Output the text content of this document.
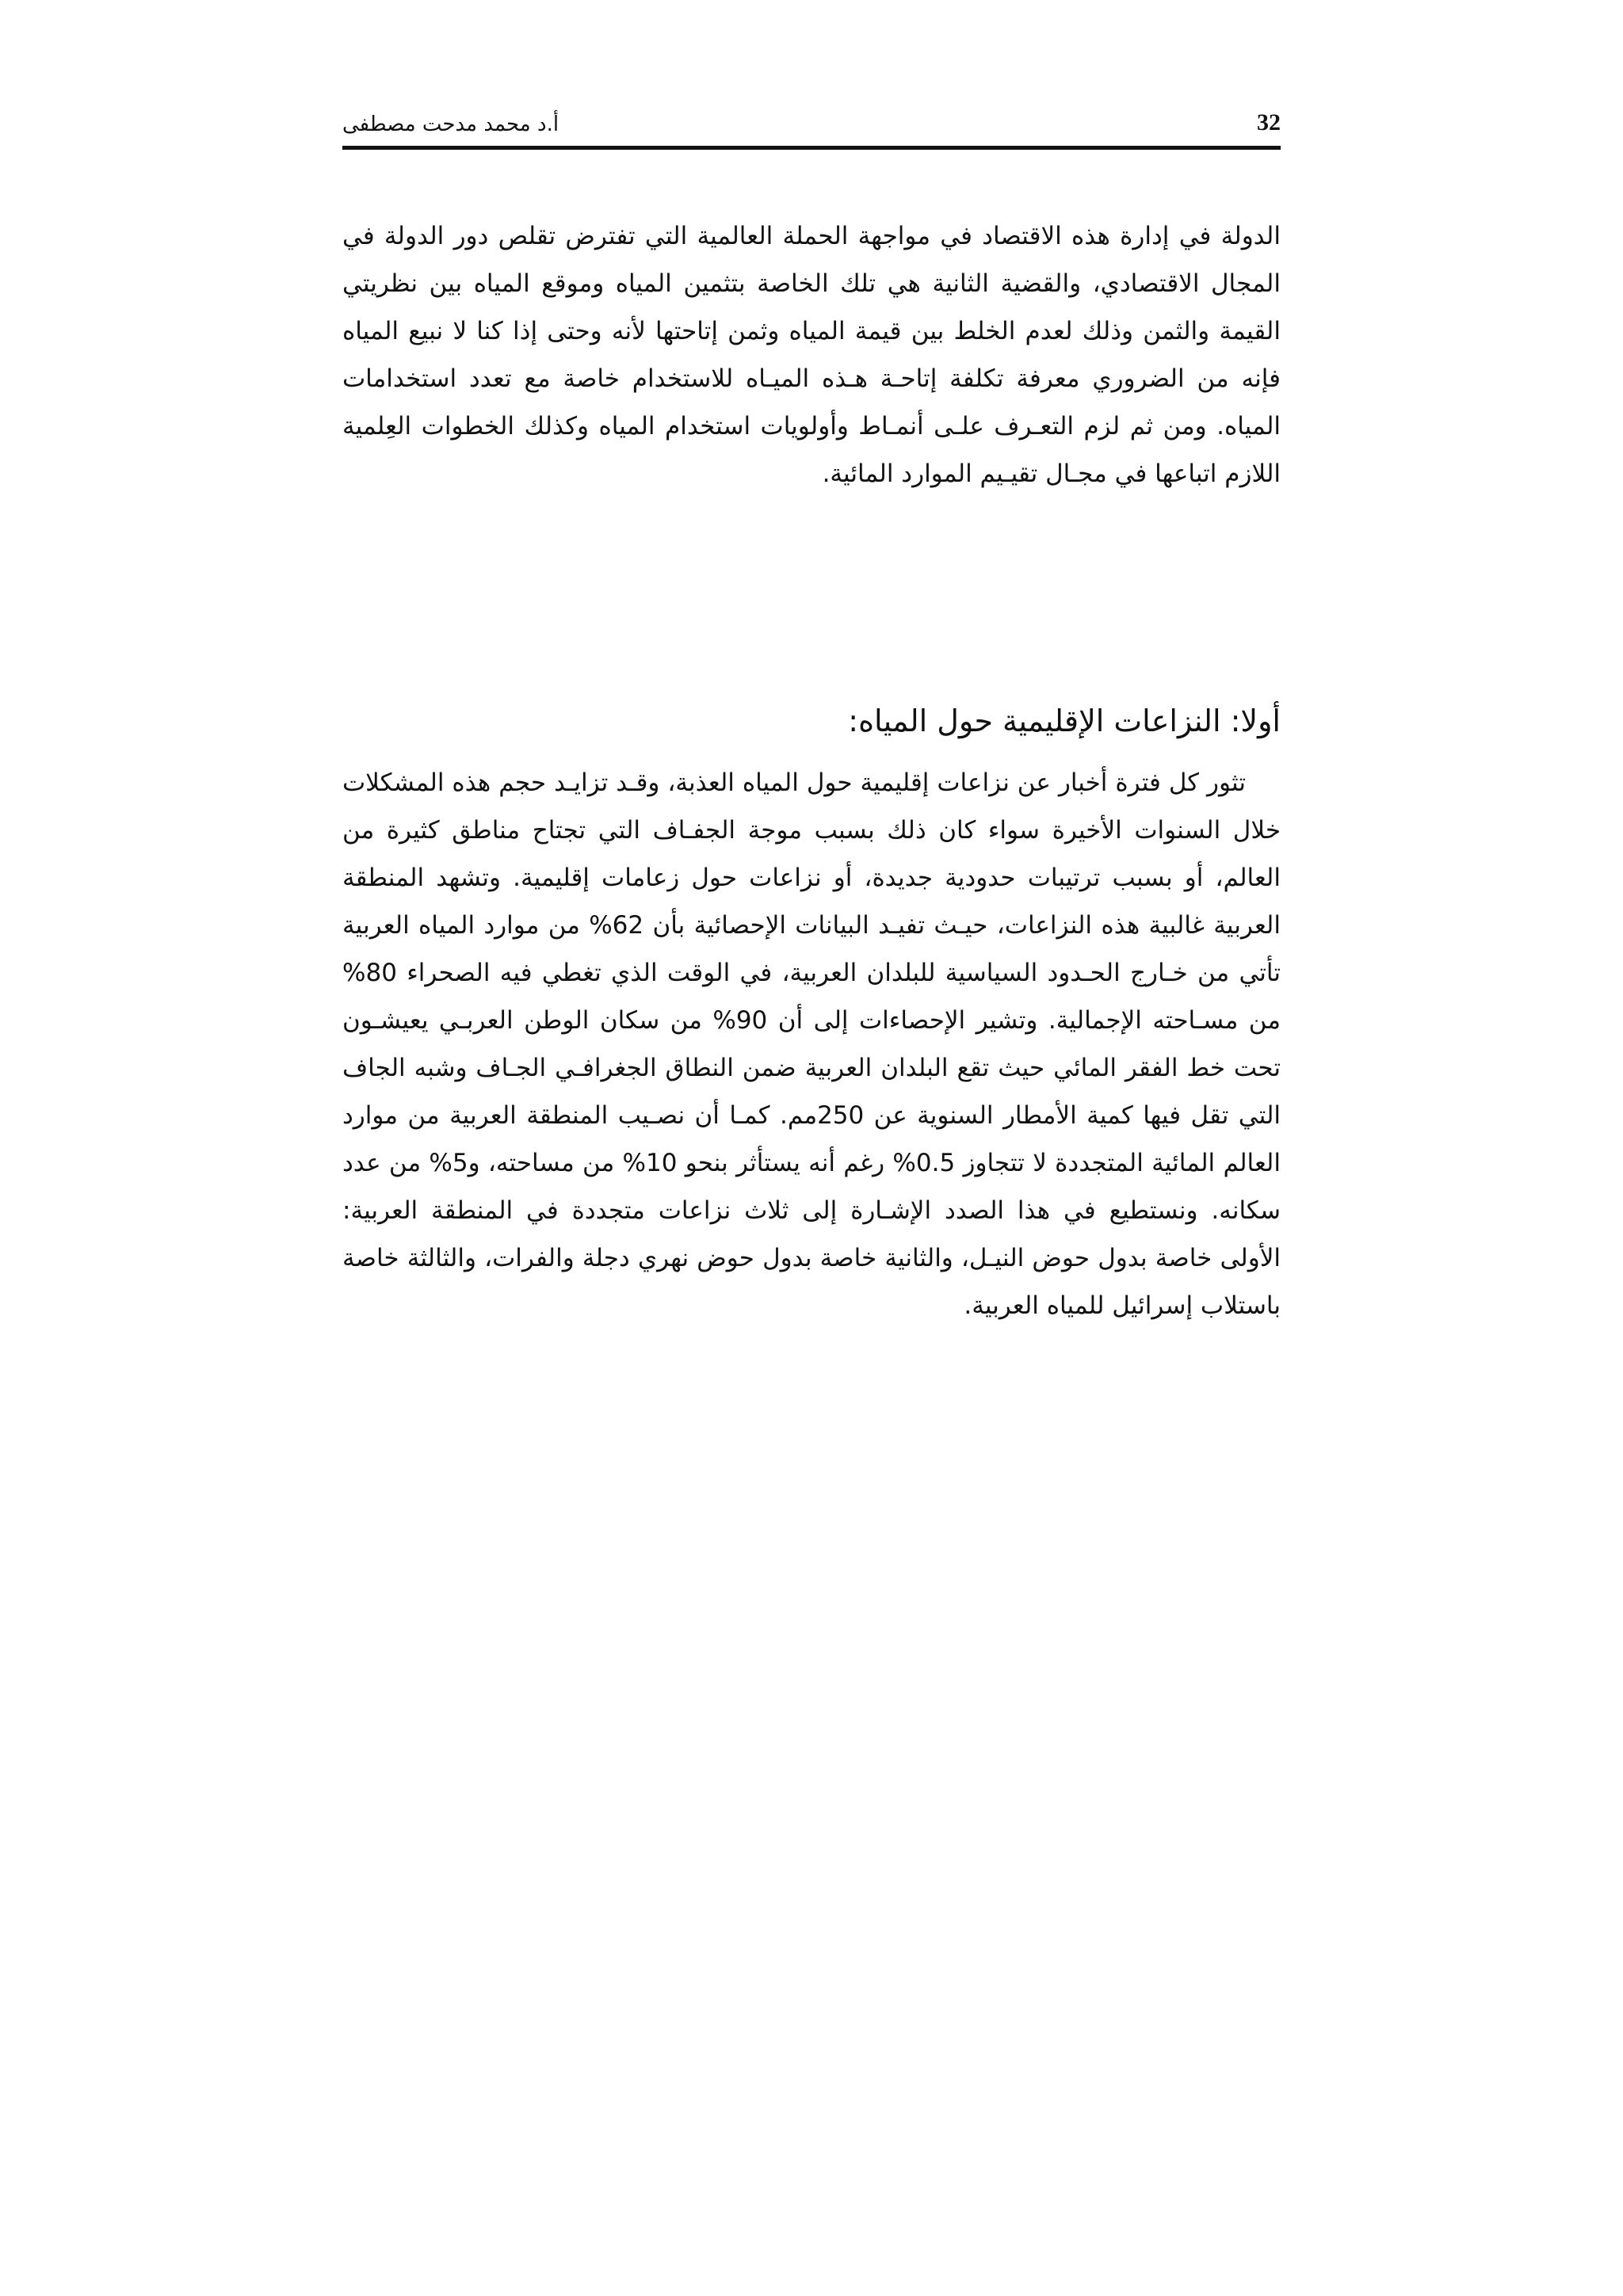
32
أ.د محمد مدحت مصطفى

الدولة في إدارة هذه الاقتصاد في مواجهة الحملة العالمية التي تفترض تقلص دور الدولة في المجال الاقتصادي، والقضية الثانية هي تلك الخاصة بتثمين المياه وموقع المياه بين نظريتي القيمة والثمن وذلك لعدم الخلط بين قيمة المياه وثمن إتاحتها لأنه وحتى إذا كنا لا نبيع المياه فإنه من الضروري معرفة تكلفة إتاحـة هـذه الميـاه للاستخدام خاصة مع تعدد استخدامات المياه. ومن ثم لزم التعـرف علـى أنمـاط وأولويات استخدام المياه وكذلك الخطوات العِلمية اللازم اتباعها في مجـال تقيـيم الموارد المائية.

أولا: النزاعات الإقليمية حول المياه:

تثور كل فترة أخبار عن نزاعات إقليمية حول المياه العذبة، وقـد تزايـد حجم هذه المشكلات خلال السنوات الأخيرة سواء كان ذلك بسبب موجة الجفـاف التي تجتاح مناطق كثيرة من العالم، أو بسبب ترتيبات حدودية جديدة، أو نزاعات حول زعامات إقليمية. وتشهد المنطقة العربية غالبية هذه النزاعات، حيـث تفيـد البيانات الإحصائية بأن 62% من موارد المياه العربية تأتي من خـارج الحـدود السياسية للبلدان العربية، في الوقت الذي تغطي فيه الصحراء 80% من مسـاحته الإجمالية. وتشير الإحصاءات إلى أن 90% من سكان الوطن العربـي يعيشـون تحت خط الفقر المائي حيث تقع البلدان العربية ضمن النطاق الجغرافـي الجـاف وشبه الجاف التي تقل فيها كمية الأمطار السنوية عن 250مم. كمـا أن نصـيب المنطقة العربية من موارد العالم المائية المتجددة لا تتجاوز 0.5% رغم أنه يستأثر بنحو 10% من مساحته، و5% من عدد سكانه. ونستطيع في هذا الصدد الإشـارة إلى ثلاث نزاعات متجددة في المنطقة العربية: الأولى خاصة بدول حوض النيـل، والثانية خاصة بدول حوض نهري دجلة والفرات، والثالثة خاصة باستلاب إسرائيل للمياه العربية.
